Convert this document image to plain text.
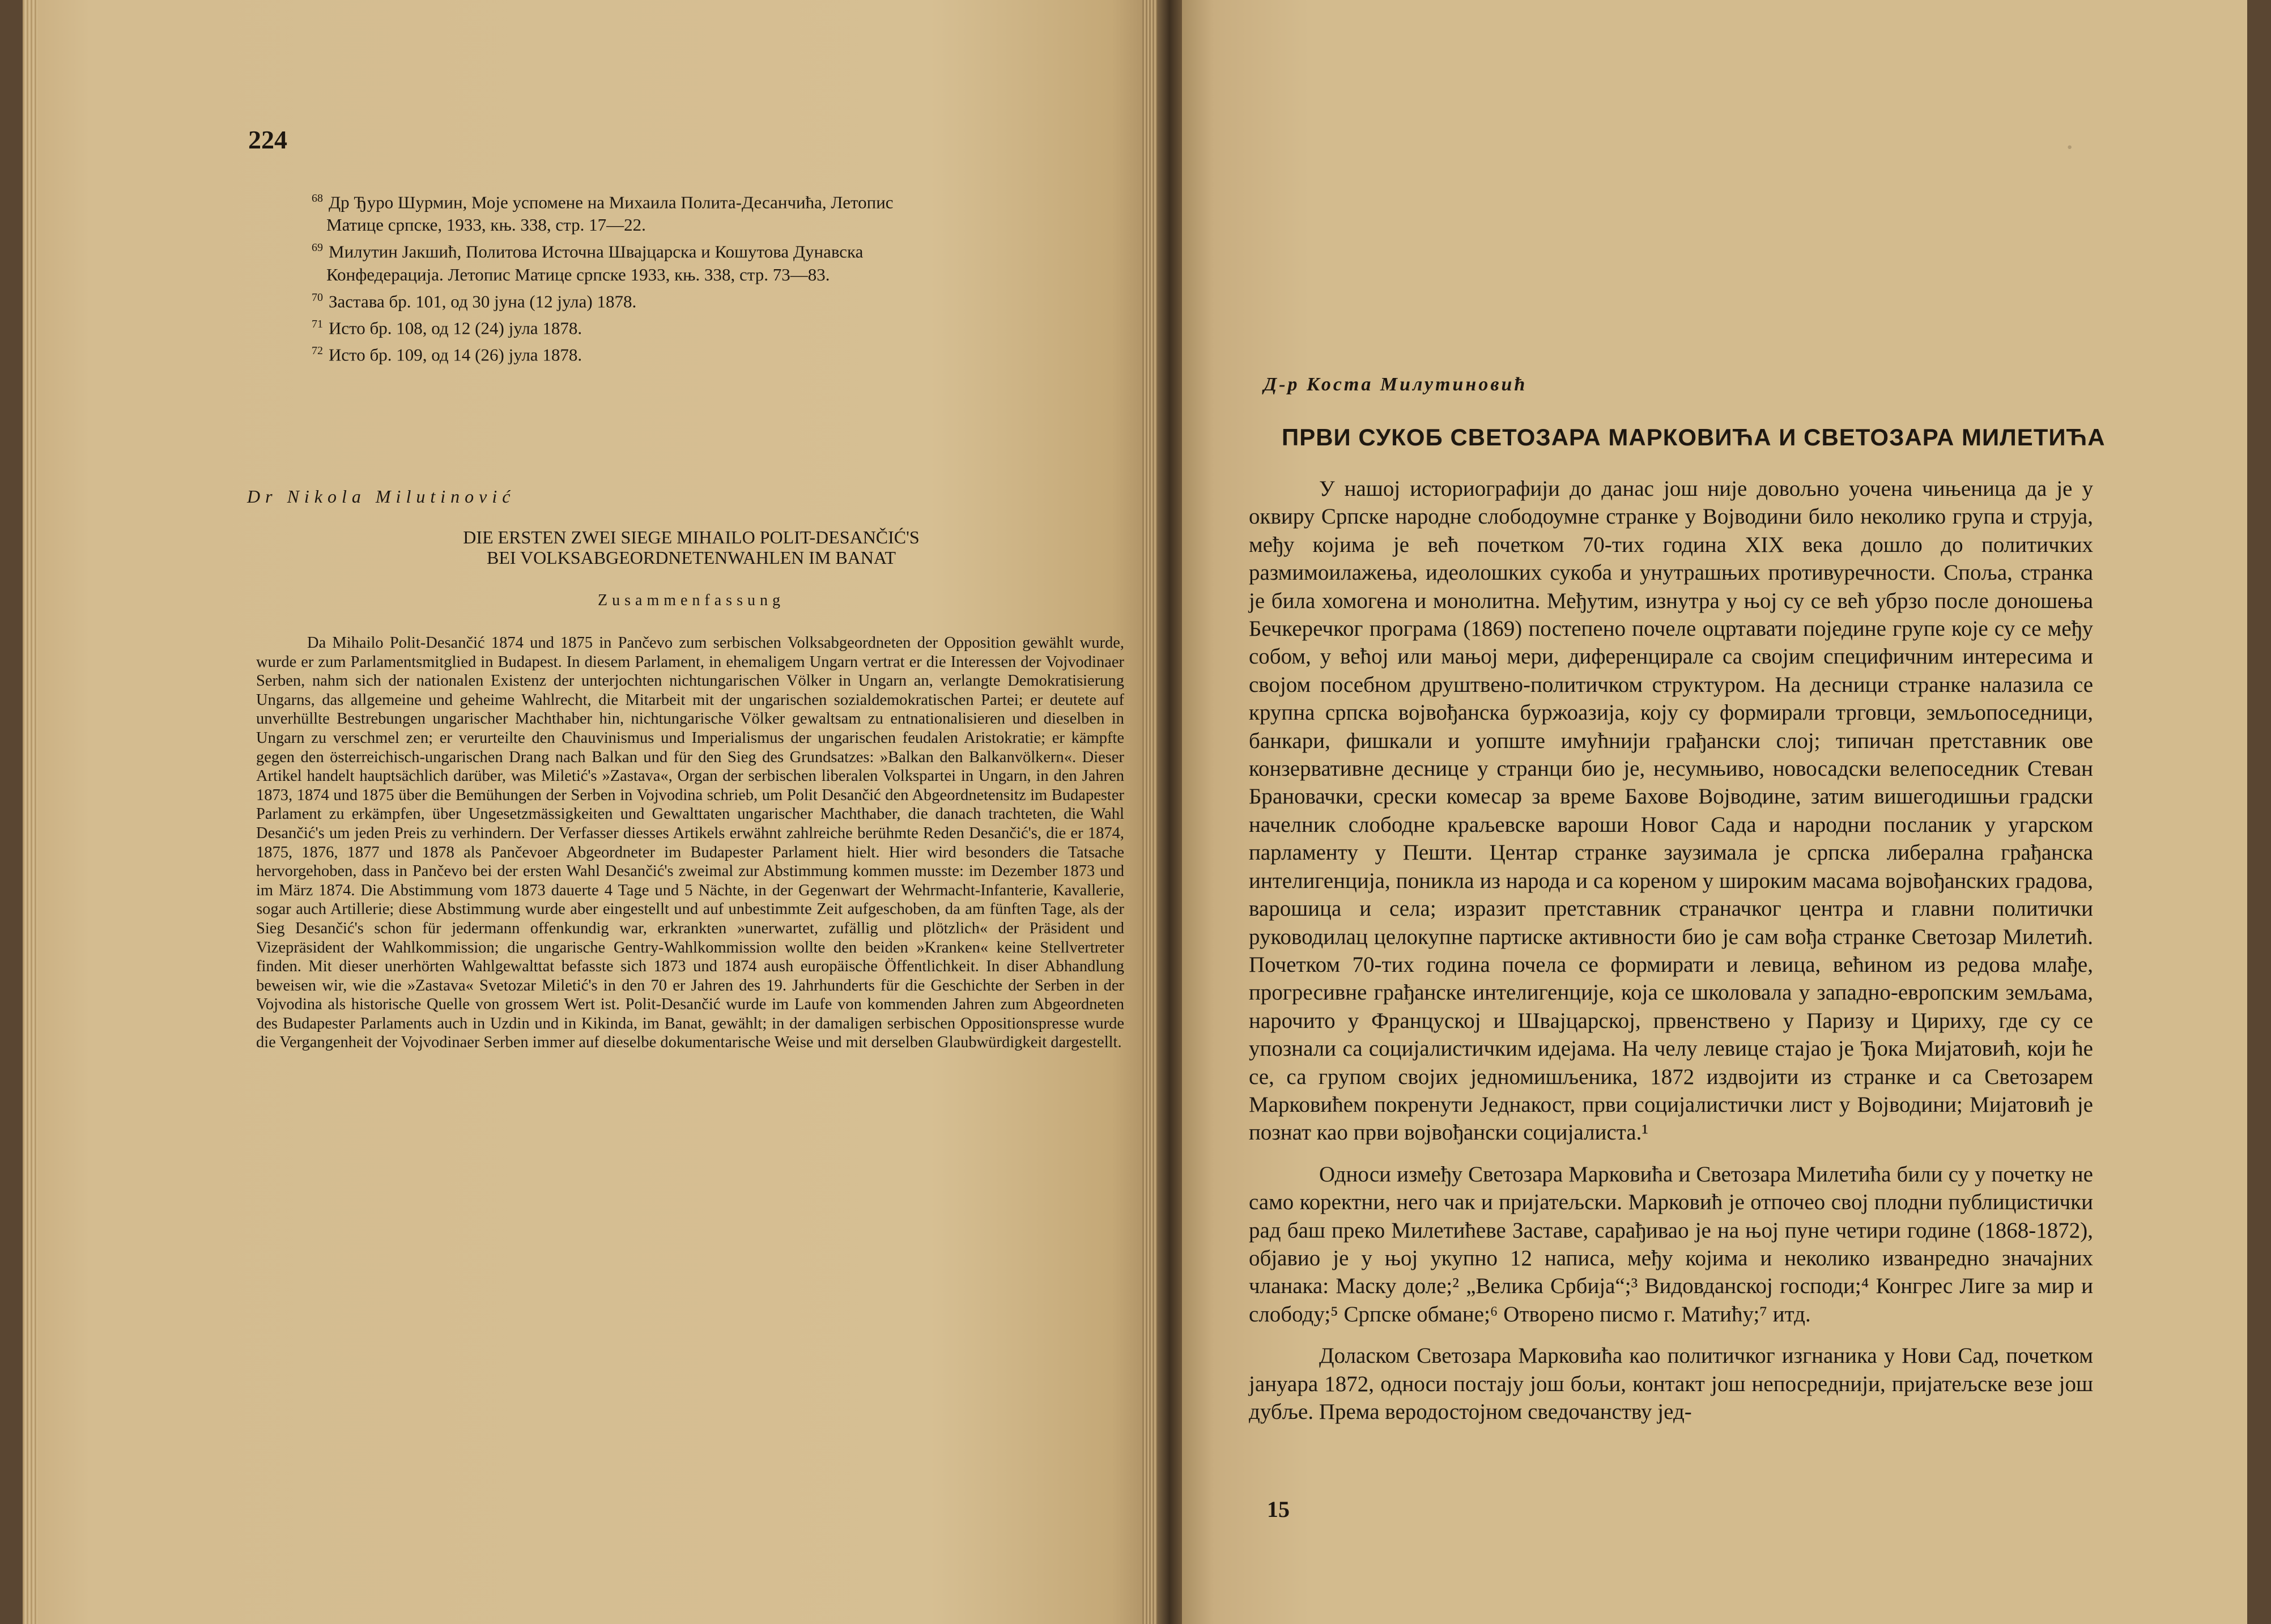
224
$^{68}$ Др Ђуро Шурмин, Моје успомене на Михаила Полита-Десанчића, Летопис
Матице српске, 1933, књ. 338, стр. 17—22.
$^{69}$ Милутин Јакшић, Политова Источна Швајцарска и Кошутова Дунавска
Конфедерација. Летопис Матице српске 1933, књ. 338, стр. 73—83.
$^{70}$ Застава бр. 101, од 30 јуна (12 јула) 1878.
$^{71}$ Исто бр. 108, од 12 (24) јула 1878.
$^{72}$ Исто бр. 109, од 14 (26) јула 1878.
Dr Nikola Milutinović
DIE ERSTEN ZWEI SIEGE MIHAILO POLIT-DESANČIĆ'S
BEI VOLKSABGEORDNETENWAHLEN IM BANAT
Zusammenfassung

Da Mihailo Polit-Desančić 1874 und 1875 in Pančevo zum serbischen Volksabgeordneten der Opposition gewählt wurde, wurde er zum Parlamentsmitglied in Budapest. In diesem Parlament, in ehemaligem Ungarn vertrat er die Interessen der Vojvodinaer Serben, nahm sich der nationalen Existenz der unterjochten nichtungarischen Völker in Ungarn an, verlangte Demokratisierung Ungarns, das allgemeine und geheime Wahlrecht, die Mitarbeit mit der ungarischen sozialdemokratischen Partei; er deutete auf unverhüllte Bestrebungen ungarischer Machthaber hin, nichtungarische Völker gewaltsam zu entnationalisieren und dieselben in Ungarn zu verschmel zen; er verurteilte den Chauvinismus und Imperialismus der ungarischen feudalen Aristokratie; er kämpfte gegen den österreichisch-ungarischen Drang nach Balkan und für den Sieg des Grundsatzes: »Balkan den Balkanvölkern«. Dieser Artikel handelt hauptsächlich darüber, was Miletić's »Zastava«, Organ der serbischen liberalen Volkspartei in Ungarn, in den Jahren 1873, 1874 und 1875 über die Bemühungen der Serben in Vojvodina schrieb, um Polit Desančić den Abgeordnetensitz im Budapester Parlament zu erkämpfen, über Ungesetzmässigkeiten und Gewalttaten ungarischer Machthaber, die danach trachteten, die Wahl Desančić's um jeden Preis zu verhindern. Der Verfasser diesses Artikels erwähnt zahlreiche berühmte Reden Desančić's, die er 1874, 1875, 1876, 1877 und 1878 als Pančevoer Abgeordneter im Budapester Parlament hielt. Hier wird besonders die Tatsache hervorgehoben, dass in Pančevo bei der ersten Wahl Desančić's zweimal zur Abstimmung kommen musste: im Dezember 1873 und im März 1874. Die Abstimmung vom 1873 dauerte 4 Tage und 5 Nächte, in der Gegenwart der Wehrmacht-Infanterie, Kavallerie, sogar auch Artillerie; diese Abstimmung wurde aber eingestellt und auf unbestimmte Zeit aufgeschoben, da am fünften Tage, als der Sieg Desančić's schon für jedermann offenkundig war, erkrankten »unerwartet, zufällig und plötzlich« der Präsident und Vizepräsident der Wahlkommission; die ungarische Gentry-Wahlkommission wollte den beiden »Kranken« keine Stellvertreter finden. Mit dieser unerhörten Wahlgewalttat befasste sich 1873 und 1874 aush europäische Öffentlichkeit. In diser Abhandlung beweisen wir, wie die »Zastava« Svetozar Miletić's in den 70 er Jahren des 19. Jahrhunderts für die Geschichte der Serben in der Vojvodina als historische Quelle von grossem Wert ist. Polit-Desančić wurde im Laufe von kommenden Jahren zum Abgeordneten des Budapester Parlaments auch in Uzdin und in Kikinda, im Banat, gewählt; in der damaligen serbischen Oppositionspresse wurde die Vergangenheit der Vojvodinaer Serben immer auf dieselbe dokumentarische Weise und mit derselben Glaubwürdigkeit dargestellt.

·
Д-р Коста Милутиновић
ПРВИ СУКОБ СВЕТОЗАРА МАРКОВИЋА И СВЕТОЗАРА МИЛЕТИЋА

У нашој историографији до данас још није довољно уочена чињеница да је у оквиру Српске народне слободоумне странке у Војводини било неколико група и струја, међу којима је већ почетком 70-тих година XIX века дошло до политичких размимоилажења, идеолошких сукоба и унутрашњих противуречности. Споља, странка је била хомогена и монолитна. Међутим, изнутра у њој су се већ убрзо после доношења Бечкеречког програма (1869) постепено почеле оцртавати поједине групе које су се међу собом, у већој или мањој мери, диференцирале са својим специфичним интересима и својом посебном друштвено-политичком структуром. На десници странке налазила се крупна српска војвођанска буржоазија, коју су формирали трговци, земљопоседници, банкари, фишкали и уопште имућнији грађански слој; типичан претставник ове конзервативне деснице у странци био је, несумњиво, новосадски велепоседник Стеван Брановачки, срески комесар за време Бахове Војводине, затим вишегодишњи градски начелник слободне краљевске вароши Новог Сада и народни посланик у угарском парламенту у Пешти. Центар странке заузимала је српска либерална грађанска интелигенција, поникла из народа и са кореном у широким масама војвођанских градова, варошица и села; изразит претставник страначког центра и главни политички руководилац целокупне партиске активности био је сам вођа странке Светозар Милетић. Почетком 70-тих година почела се формирати и левица, већином из редова млађе, прогресивне грађанске интелигенције, која се школовала у западно-европским земљама, нарочито у Француској и Швајцарској, првенствено у Паризу и Цириху, где су се упознали са социјалистичким идејама. На челу левице стајао је Ђока Мијатовић, који ће се, са групом својих једномишљеника, 1872 издвојити из странке и са Светозарем Марковићем покренути Једнакост, први социјалистички лист у Војводини; Мијатовић је познат као први војвођански социјалиста.¹

Односи између Светозара Марковића и Светозара Милетића били су у почетку не само коректни, него чак и пријатељски. Марковић је отпочео свој плодни публицистички рад баш преко Милетићеве Заставе, сарађивао је на њој пуне четири године (1868-1872), објавио је у њој укупно 12 написа, међу којима и неколико изванредно значајних чланака: Маску доле;² „Велика Србија“;³ Видовданској господи;⁴ Конгрес Лиге за мир и слободу;⁵ Српске обмане;⁶ Отворено писмо г. Матићу;⁷ итд.

Доласком Светозара Марковића као политичког изгнаника у Нови Сад, почетком јануара 1872, односи постају још бољи, контакт још непосреднији, пријатељске везе још дубље. Према веродостојном сведочанству јед-

15
